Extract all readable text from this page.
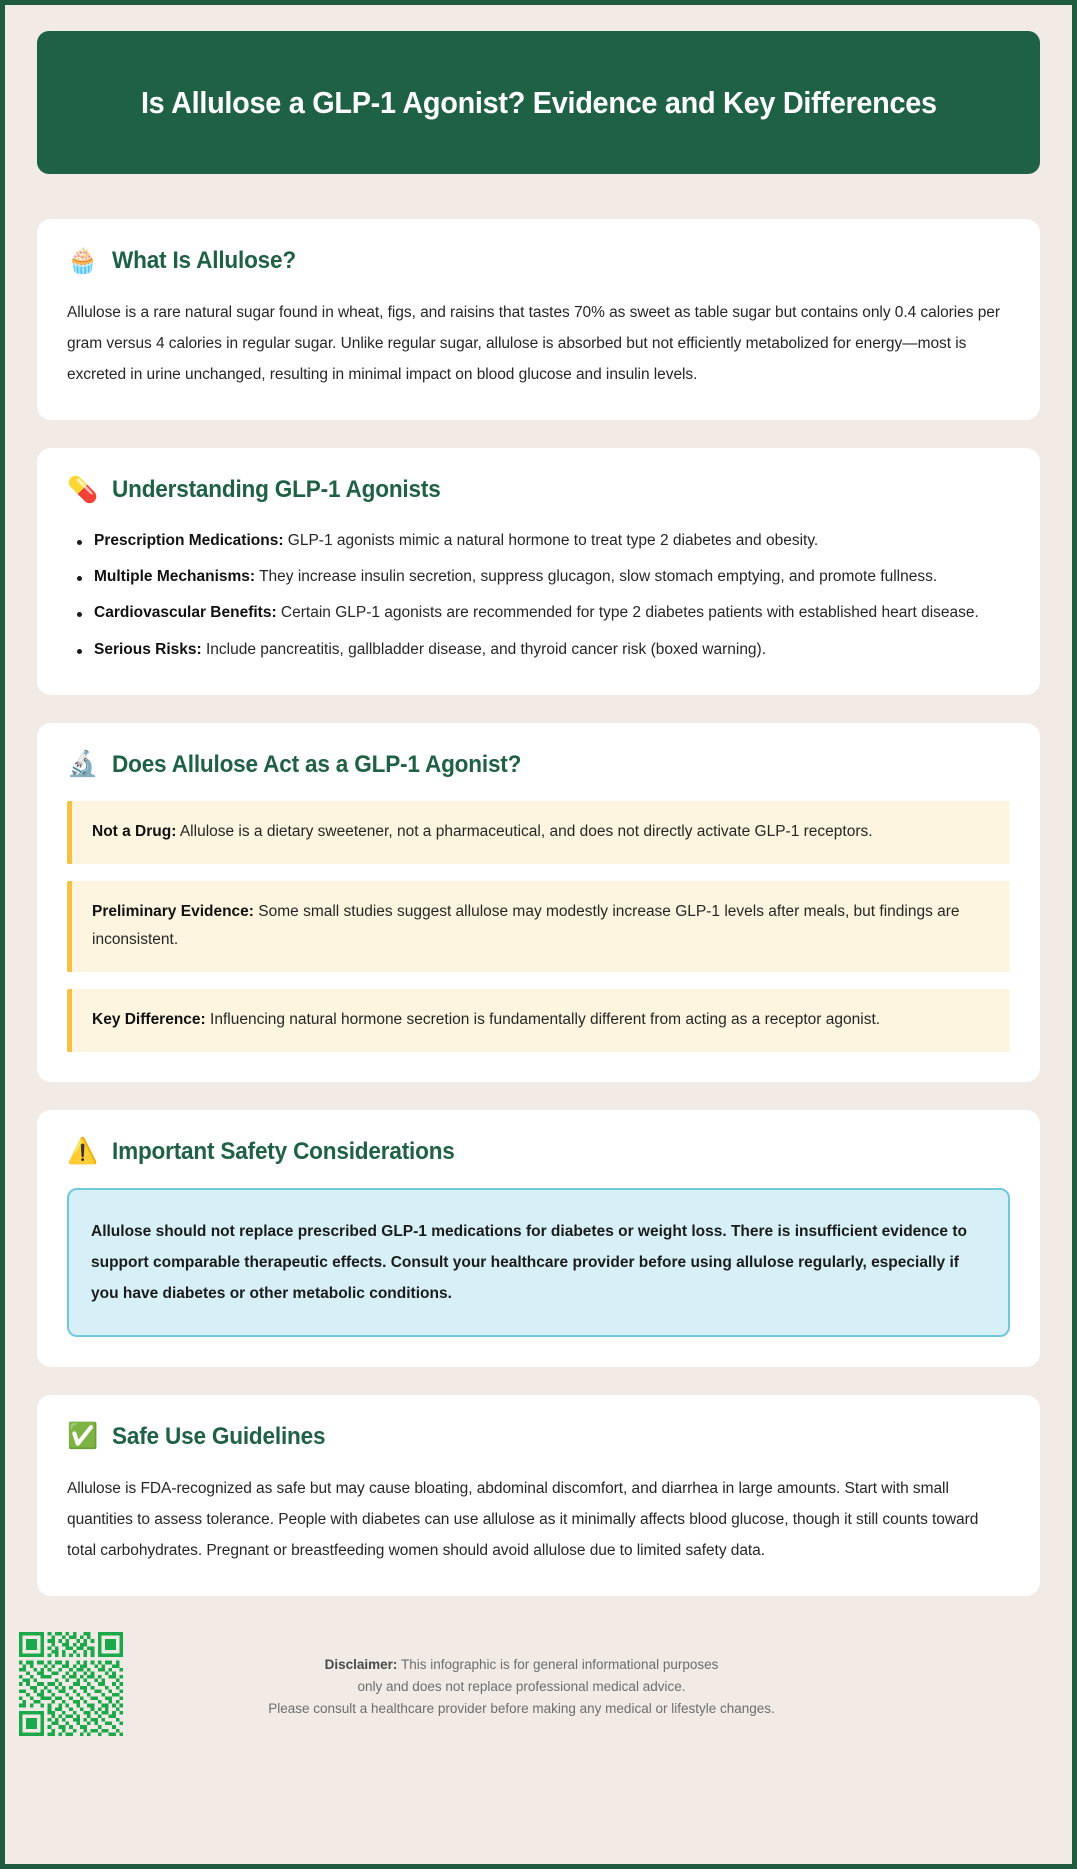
Is Allulose a GLP-1 Agonist? Evidence and Key Differences
🧁 What Is Allulose?

Allulose is a rare natural sugar found in wheat, figs, and raisins that tastes 70% as sweet as table sugar but contains only 0.4 calories per gram versus 4 calories in regular sugar. Unlike regular sugar, allulose is absorbed but not efficiently metabolized for energy—most is excreted in urine unchanged, resulting in minimal impact on blood glucose and insulin levels.

💊 Understanding GLP-1 Agonists
Prescription Medications: GLP-1 agonists mimic a natural hormone to treat type 2 diabetes and obesity.
Multiple Mechanisms: They increase insulin secretion, suppress glucagon, slow stomach emptying, and promote fullness.
Cardiovascular Benefits: Certain GLP-1 agonists are recommended for type 2 diabetes patients with established heart disease.
Serious Risks: Include pancreatitis, gallbladder disease, and thyroid cancer risk (boxed warning).
🔬 Does Allulose Act as a GLP-1 Agonist?
Not a Drug: Allulose is a dietary sweetener, not a pharmaceutical, and does not directly activate GLP-1 receptors.
Preliminary Evidence: Some small studies suggest allulose may modestly increase GLP-1 levels after meals, but findings are inconsistent.
Key Difference: Influencing natural hormone secretion is fundamentally different from acting as a receptor agonist.
⚠️ Important Safety Considerations
Allulose should not replace prescribed GLP-1 medications for diabetes or weight loss. There is insufficient evidence to support comparable therapeutic effects. Consult your healthcare provider before using allulose regularly, especially if you have diabetes or other metabolic conditions.
✅ Safe Use Guidelines

Allulose is FDA-recognized as safe but may cause bloating, abdominal discomfort, and diarrhea in large amounts. Start with small quantities to assess tolerance. People with diabetes can use allulose as it minimally affects blood glucose, though it still counts toward total carbohydrates. Pregnant or breastfeeding women should avoid allulose due to limited safety data.

Disclaimer: This infographic is for general informational purposes
only and does not replace professional medical advice.
Please consult a healthcare provider before making any medical or lifestyle changes.
